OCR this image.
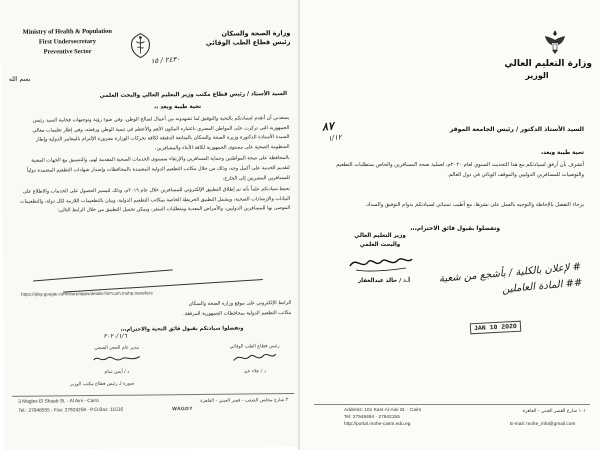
Ministry of Health & Population
First Undersecretary
Preventive Sector
وزارة الصحة والسكان
رئيس قطاع الطب الوقائي
٢٤٣٠ / ١٥
بسم الله
السيد الأستاذ / رئيس قطاع مكتب وزير التعليم العالي والبحث العلمي
تحية طيبة وبعد ،،

يسعدني أن أتقدم لسيادتكم بالتحية والتوفيق لما تشهدونه من أعمال لصالح الوطن، وفي ضوء رؤية وتوجيهات فخامة السيد رئيس الجمهورية التي تركزت على المواطن المصري باعتباره المكون الأهم والأعظم في تنمية الوطن ورفعته، وفي إطار تعليمات معالي السيدة الأستاذة الدكتورة وزيرة الصحة والسكان بالمتابعة الدقيقة لكافة تحركات الوزارة بضرورة الإلتزام بالمعايير الدولية وإطار المنظومة الصحية على مستوى الجمهورية لكافة الأبناء والمسافرين،

بالمحافظة على صحة المواطنين وحماية المسافرين والإرتقاء بمستوى الخدمات الصحية المقدمة لهم، والتنسيق مع الجهات المعنية لتقديم الخدمة على أكمل وجه، وذلك من خلال مكاتب التطعيم الدولية المعتمدة بالمحافظات وإصدار شهادات التطعيم المعتمدة دولياً للمسافرين المصريين إلى الخارج،

نحيط سيادتكم علماً بأنه تم إطلاق التطبيق الإلكتروني للمسافرين خلال عام ٢٠١٩م، وذلك لتيسير الحصول على الخدمات والاطلاع على البيانات والإرشادات الصحية، ويشمل التطبيق الخريطة الخاصة بمكاتب التطعيم الدولية، وبيان بالتطعيمات اللازمة لكل دولة، والتطعيمات الموصى بها للمسافرين الدوليين، والأمراض المعدية ومتطلبات السفر، ويمكن تحميل التطبيق من خلال الرابط التالي:

https://play.google.com/store/apps/details?id=com.mohp.travellers
الرابط الإلكتروني على موقع وزارة الصحة والسكان
مكاتب التطعيم الدولية بمحافظات الجمهورية المرفقة.
وتفضلوا سيادتكم بقبول فائق التحية والاحترام،،،
رئيس قطاع الطب الوقائي
د / علاء عيد
مدير عام الحجر الصحي
د / أيمن تمام
٢٠٢٠/١/٦
صورة لـ رئيس قطاع مكتب الوزير
٣ شارع مجلس الشعب - قصر العيني - القاهرة
3 Magles El Shaab St. - Al Aini - Cairo
Tel.: 27948555 - Fax: 27924258 - P.O.Box: 11516	WAGDY
وزارة التعليم العالي
الوزير
٨٧
١/١٢
السيد الأستاذ الدكتور / رئيس الجامعة الموقر
تحية طيبة وبعد،
أتشرف بأن أرفق لسيادتكم مع هذا التحديث السنوي لعام ٢٠٢٠م، لعملية صحة المسافرين والخاص بمتطلبات التطعيم والتوصيات للمسافرين الدوليين والموقف الوبائي في دول العالم.
برجاء التفضل بالإحاطة والتوجيه بالعمل على نشرها، مع أطيب تمنياتي لسيادتكم بدوام التوفيق والسداد.
وتفضلوا بقبول فائق الاحترام،،،
وزير التعليم العالي
والبحث العلمي
أ.د / خالد عبدالغفار	# لإعلان بالكلية / بأشجع من شعبة ## المادة العاملين
JAN 10 2020
Address: 101 Kasr Al-Aini St. - Cairo
Tel: 27948484 - 27942155
http://portal.mohe-casm.edu.eg
١٠١ شارع القصر العيني - القاهرة
E-mail: mohe_info@gmail.com
